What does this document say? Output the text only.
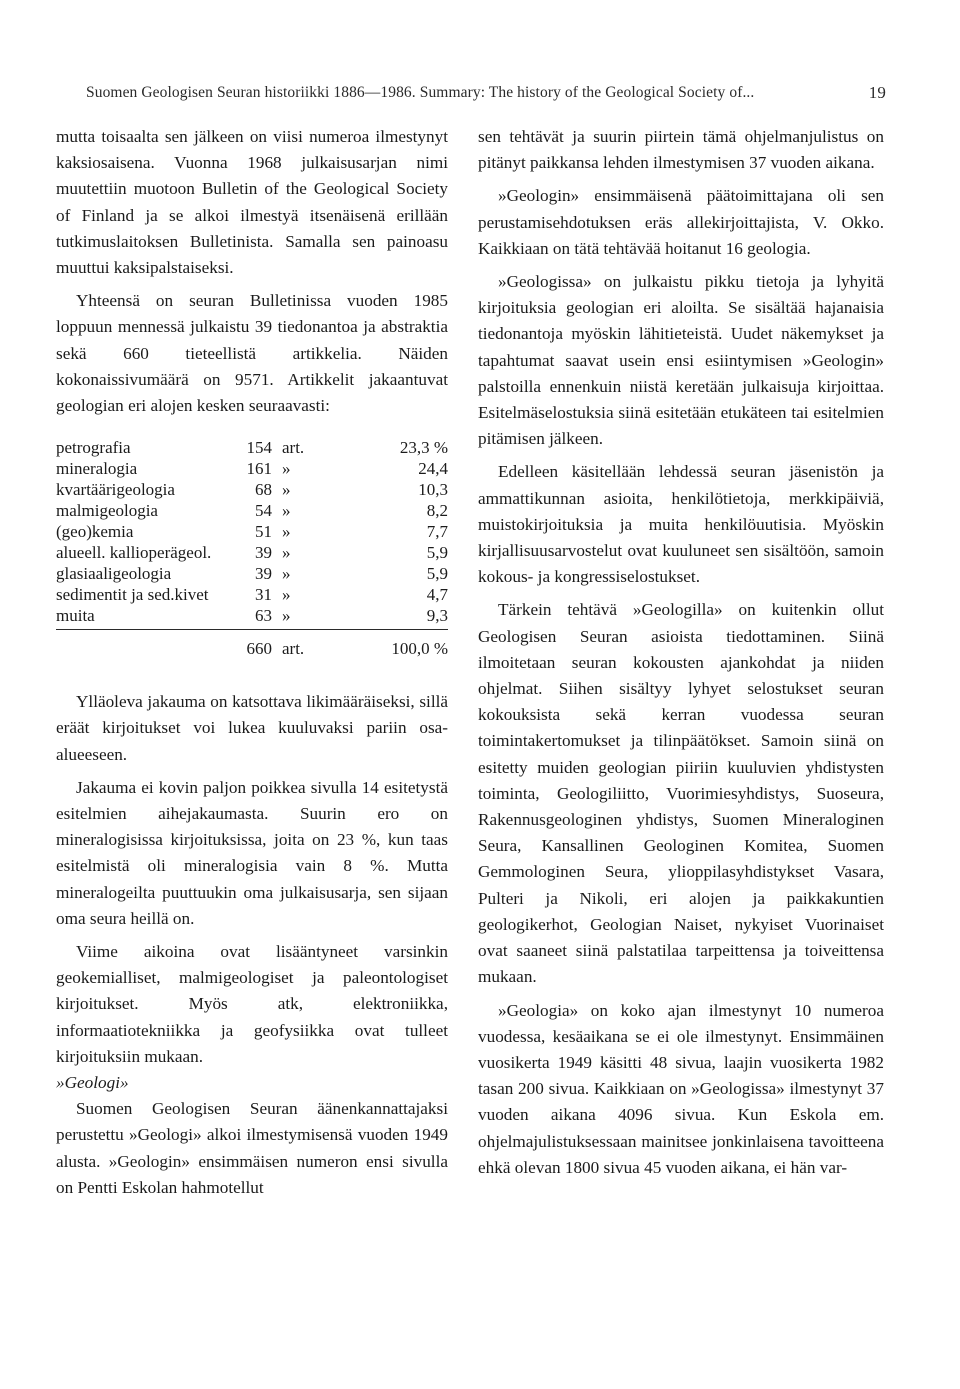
Suomen Geologisen Seuran historiikki 1886—1986. Summary: The history of the Geological Society of...	19

mutta toisaalta sen jälkeen on viisi numeroa ilmestynyt kaksiosaisena. Vuonna 1968 julkaisusarjan nimi muutettiin muotoon Bulletin of the Geological Society of Finland ja se alkoi ilmestyä itsenäisenä erillään tutkimuslaitoksen Bulletinista. Samalla sen painoasu muuttui kaksipalstaiseksi.

Yhteensä on seuran Bulletinissa vuoden 1985 loppuun mennessä julkaistu 39 tiedonantoa ja abstraktia sekä 660 tieteellistä artikkelia. Näiden kokonaissivumäärä on 9571. Artikkelit jakaantuvat geologian eri alojen kesken seuraavasti:

petrografia	154	art.	23,3 %
mineralogia	161	»	24,4
kvartäärigeologia	68	»	10,3
malmigeologia	54	»	8,2
(geo)kemia	51	»	7,7
alueell. kallioperägeol.	39	»	5,9
glasiaaligeologia	39	»	5,9
sedimentit ja sed.kivet	31	»	4,7
muita	63	»	9,3
	660	art.	100,0 %

Ylläoleva jakauma on katsottava likimääräiseksi, sillä eräät kirjoitukset voi lukea kuuluvaksi pariin osa-alueeseen.

Jakauma ei kovin paljon poikkea sivulla 14 esitetystä esitelmien aihejakaumasta. Suurin ero on mineralogisissa kirjoituksissa, joita on 23 %, kun taas esitelmistä oli mineralogisia vain 8 %. Mutta mineralogeilta puuttuukin oma julkaisusarja, sen sijaan oma seura heillä on.

Viime aikoina ovat lisääntyneet varsinkin geokemialliset, malmigeologiset ja paleontologiset kirjoitukset. Myös atk, elektroniikka, informaatiotekniikka ja geofysiikka ovat tulleet kirjoituksiin mukaan.

»Geologi»

Suomen Geologisen Seuran äänenkannattajaksi perustettu »Geologi» alkoi ilmestymisensä vuoden 1949 alusta. »Geologin» ensimmäisen numeron ensi sivulla on Pentti Eskolan hahmotellut

sen tehtävät ja suurin piirtein tämä ohjelmanjulistus on pitänyt paikkansa lehden ilmestymisen 37 vuoden aikana.

»Geologin» ensimmäisenä päätoimittajana oli sen perustamisehdotuksen eräs allekirjoittajista, V. Okko. Kaikkiaan on tätä tehtävää hoitanut 16 geologia.

»Geologissa» on julkaistu pikku tietoja ja lyhyitä kirjoituksia geologian eri aloilta. Se sisältää hajanaisia tiedonantoja myöskin lähitieteistä. Uudet näkemykset ja tapahtumat saavat usein ensi esiintymisen »Geologin» palstoilla ennenkuin niistä keretään julkaisuja kirjoittaa. Esitelmäselostuksia siinä esitetään etukäteen tai esitelmien pitämisen jälkeen.

Edelleen käsitellään lehdessä seuran jäsenistön ja ammattikunnan asioita, henkilötietoja, merkkipäiviä, muistokirjoituksia ja muita henkilöuutisia. Myöskin kirjallisuusarvostelut ovat kuuluneet sen sisältöön, samoin kokous- ja kongressiselostukset.

Tärkein tehtävä »Geologilla» on kuitenkin ollut Geologisen Seuran asioista tiedottaminen. Siinä ilmoitetaan seuran kokousten ajankohdat ja niiden ohjelmat. Siihen sisältyy lyhyet selostukset seuran kokouksista sekä kerran vuodessa seuran toimintakertomukset ja tilinpäätökset. Samoin siinä on esitetty muiden geologian piiriin kuuluvien yhdistysten toiminta, Geologiliitto, Vuorimiesyhdistys, Suoseura, Rakennusgeologinen yhdistys, Suomen Mineraloginen Seura, Kansallinen Geologinen Komitea, Suomen Gemmologinen Seura, ylioppilasyhdistykset Vasara, Pulteri ja Nikoli, eri alojen ja paikkakuntien geologikerhot, Geologian Naiset, nykyiset Vuorinaiset ovat saaneet siinä palstatilaa tarpeittensa ja toiveittensa mukaan.

»Geologia» on koko ajan ilmestynyt 10 numeroa vuodessa, kesäaikana se ei ole ilmestynyt. Ensimmäinen vuosikerta 1949 käsitti 48 sivua, laajin vuosikerta 1982 tasan 200 sivua. Kaikkiaan on »Geologissa» ilmestynyt 37 vuoden aikana 4096 sivua. Kun Eskola em. ohjelmajulistuksessaan mainitsee jonkinlaisena tavoitteena ehkä olevan 1800 sivua 45 vuoden aikana, ei hän var-
